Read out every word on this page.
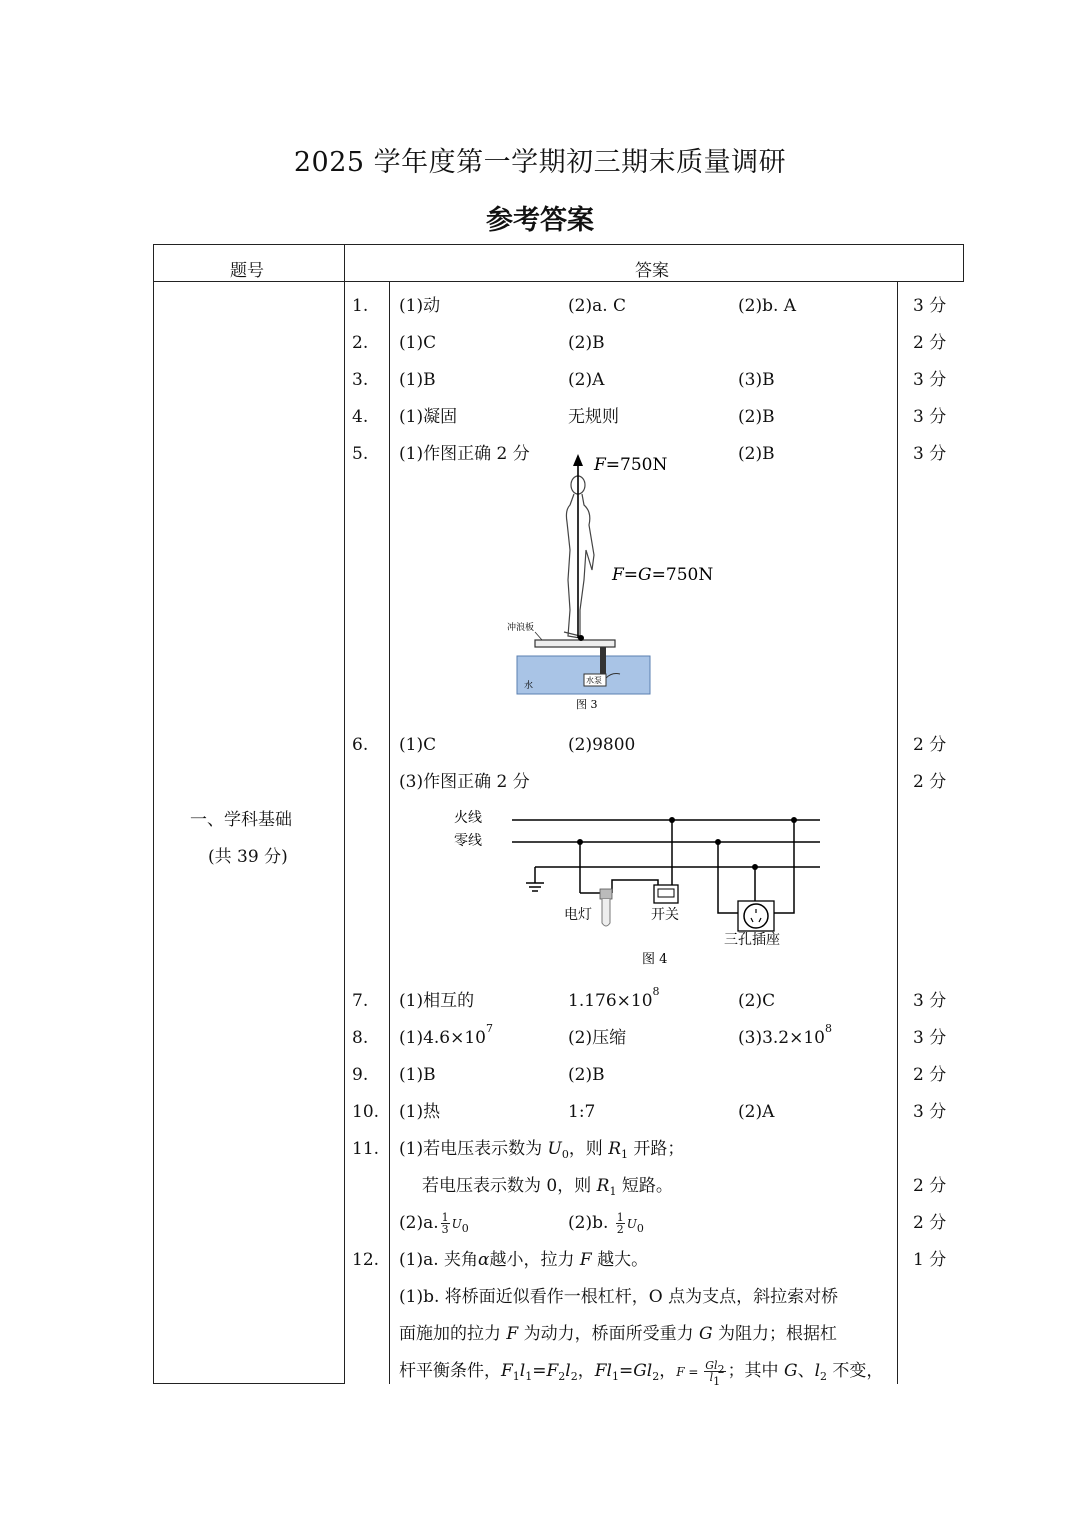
2025 学年度第一学期初三期末质量调研
参考答案
题号	答案
一、学科基础
(共 39 分)
1. (1)动	(2)a. C	(2)b. A	3 分
2. (1)C	(2)B	2 分
3. (1)B	(2)A	(3)B	3 分
4. (1)凝固	无规则	(2)B	3 分
5. (1)作图正确 2 分	(2)B	3 分
水泵
水
冲浪板
F=750N
F=G=750N
图 3
6. (1)C	(2)9800	2 分
(3)作图正确 2 分	2 分
火线
零线
电灯	开关
三孔插座
图 4
7. (1)相互的	$1.176\times 10^8$	(2)C	3 分
8. $(1)4.6\times 10^7$	(2)压缩	$(3)3.2\times 10^8$	3 分
9. (1)B	(2)B	2 分
10. (1)热	1:7	(2)A	3 分
11. (1)若电压表示数为 $U_0$，则 $R_1$ 开路；
若电压表示数为 0，则 $R_1$ 短路。	2 分
(2)a. $\frac{1}{3} U_0$	(2)b. $\frac{1}{2} U_0$	2 分
12. (1)a. 夹角α越小，拉力 F 越大。	1 分
(1)b. 将桥面近似看作一根杠杆，O 点为支点，斜拉索对桥
面施加的拉力 F 为动力，桥面所受重力 G 为阻力；根据杠
杆平衡条件，$F_1l_1=F_2l_2$，$Fl_1=Gl_2$，$F = \frac{Gl_2}{l_1}$ ；其中 G、$l_2$ 不变，
